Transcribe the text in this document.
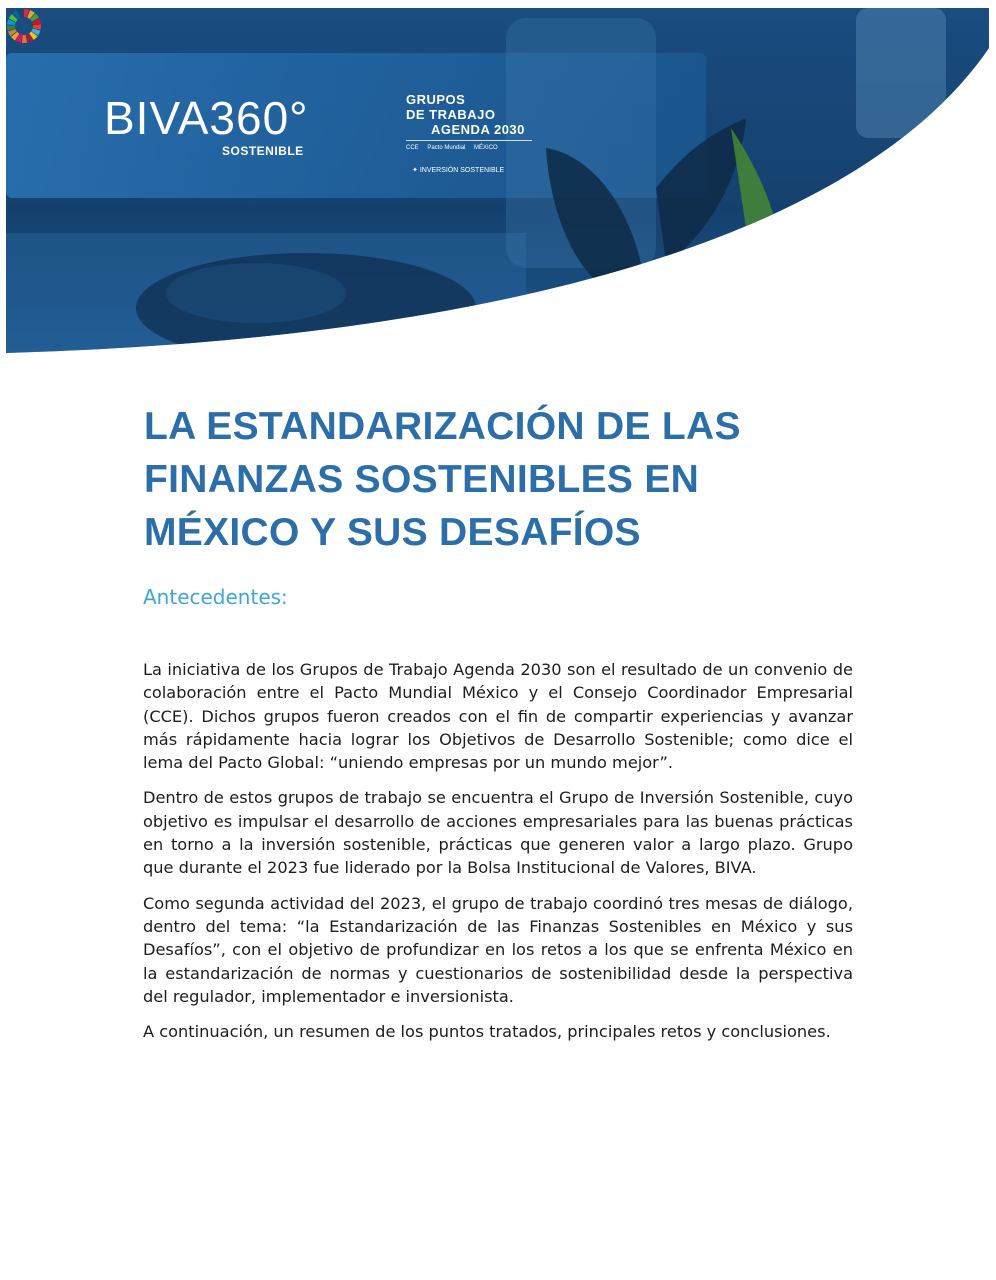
BIVA360°
SOSTENIBLE
GRUPOS
DE TRABAJO
AGENDA 2030
CCE Pacto Mundial MÉXICO
✦ INVERSIÓN SOSTENIBLE
LA ESTANDARIZACIÓN DE LAS
FINANZAS SOSTENIBLES EN
MÉXICO Y SUS DESAFÍOS
Antecedentes:

La iniciativa de los Grupos de Trabajo Agenda 2030 son el resultado de un convenio de colaboración entre el Pacto Mundial México y el Consejo Coordinador Empresarial (CCE). Dichos grupos fueron creados con el fin de compartir experiencias y avanzar más rápidamente hacia lograr los Objetivos de Desarrollo Sostenible; como dice el lema del Pacto Global: “uniendo empresas por un mundo mejor”.

Dentro de estos grupos de trabajo se encuentra el Grupo de Inversión Sostenible, cuyo objetivo es impulsar el desarrollo de acciones empresariales para las buenas prácticas en torno a la inversión sostenible, prácticas que generen valor a largo plazo. Grupo que durante el 2023 fue liderado por la Bolsa Institucional de Valores, BIVA.

Como segunda actividad del 2023, el grupo de trabajo coordinó tres mesas de diálogo, dentro del tema: “la Estandarización de las Finanzas Sostenibles en México y sus Desafíos”, con el objetivo de profundizar en los retos a los que se enfrenta México en la estandarización de normas y cuestionarios de sostenibilidad desde la perspectiva del regulador, implementador e inversionista.

A continuación, un resumen de los puntos tratados, principales retos y conclusiones.
